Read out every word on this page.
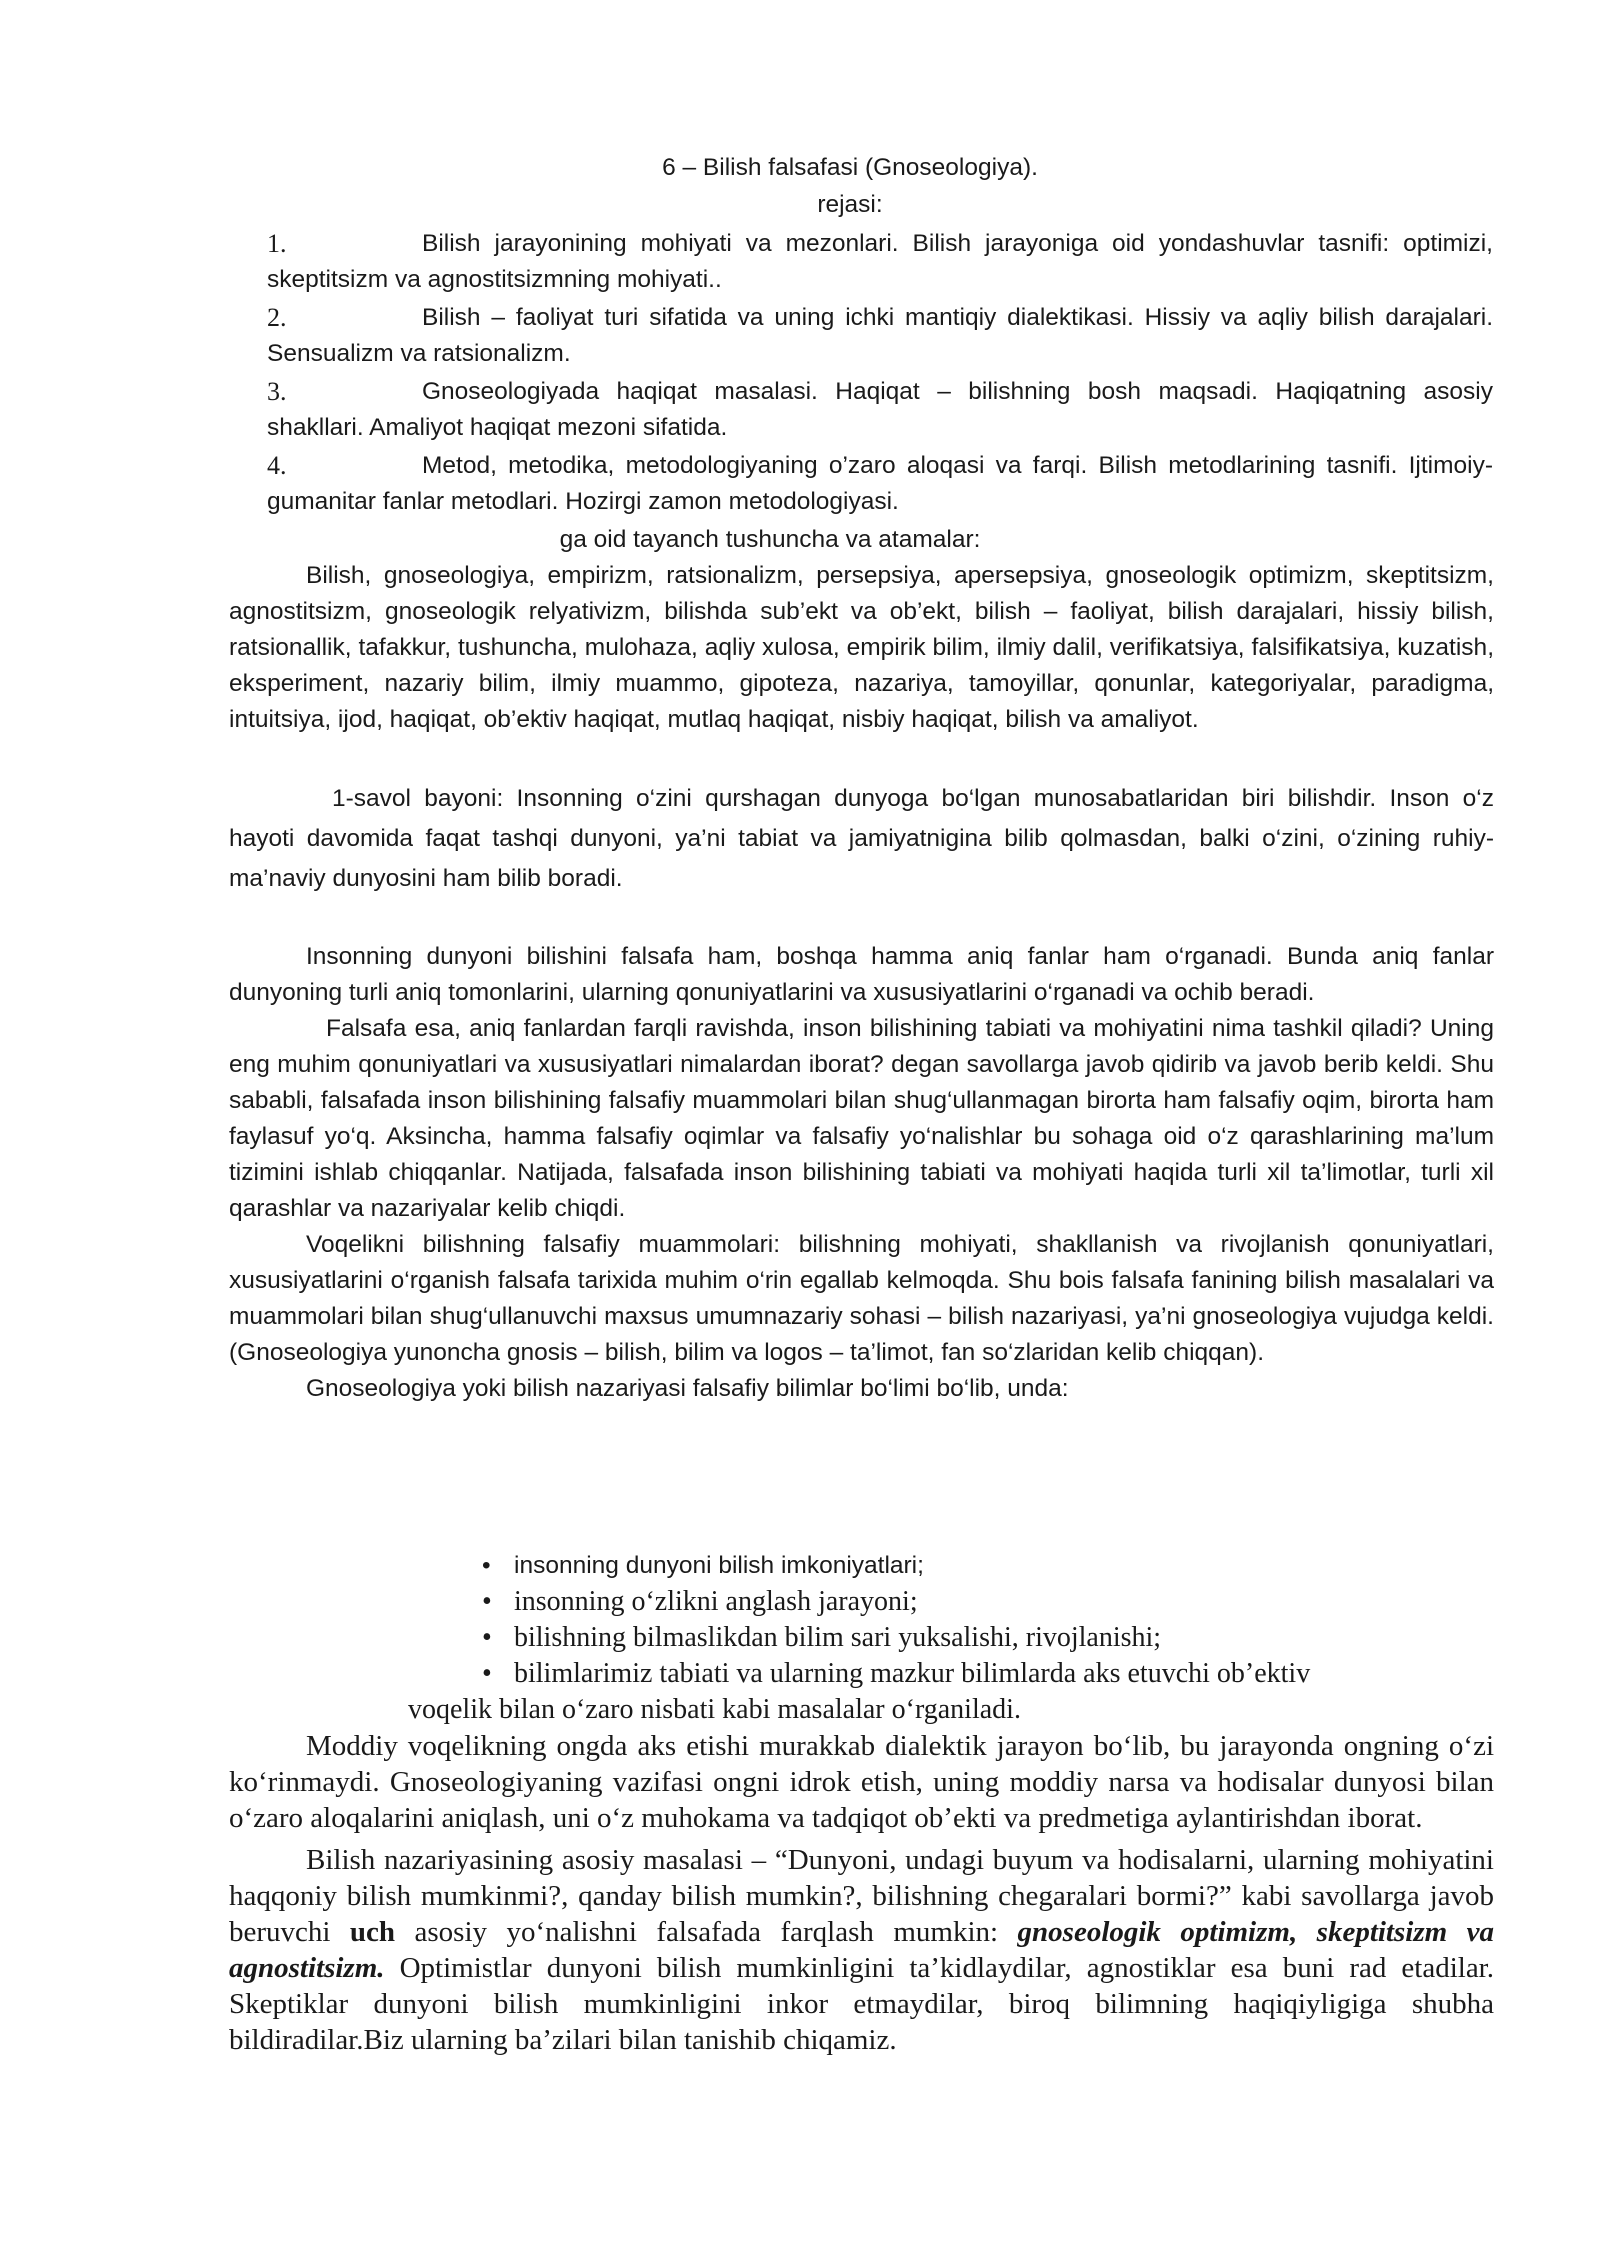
6 – Bilish falsafasi (Gnoseologiya).
rejasi:
1.	Bilish jarayonining mohiyati va mezonlari. Bilish jarayoniga oid yondashuvlar tasnifi: optimizi, skeptitsizm va agnostitsizmning mohiyati..

2.	Bilish – faoliyat turi sifatida va uning ichki mantiqiy dialektikasi. Hissiy va aqliy bilish darajalari. Sensualizm va ratsionalizm.

3.	Gnoseologiyada haqiqat masalasi. Haqiqat – bilishning bosh maqsadi. Haqiqatning asosiy shakllari. Amaliyot haqiqat mezoni sifatida.

4.	Metod, metodika, metodologiyaning o’zaro aloqasi va farqi. Bilish metodlarining tasnifi. Ijtimoiy-gumanitar fanlar metodlari. Hozirgi zamon metodologiyasi.

ga oid tayanch tushuncha va atamalar:

Bilish, gnoseologiya, empirizm, ratsionalizm, persepsiya, apersepsiya, gnoseologik optimizm, skeptitsizm, agnostitsizm, gnoseologik relyativizm, bilishda sub’ekt va ob’ekt, bilish – faoliyat, bilish darajalari, hissiy bilish, ratsionallik, tafakkur, tushuncha, mulohaza, aqliy xulosa, empirik bilim, ilmiy dalil, verifikatsiya, falsifikatsiya, kuzatish, eksperiment, nazariy bilim, ilmiy muammo, gipoteza, nazariya, tamoyillar, qonunlar, kategoriyalar, paradigma, intuitsiya, ijod, haqiqat, ob’ektiv haqiqat, mutlaq haqiqat, nisbiy haqiqat, bilish va amaliyot.

1-savol bayoni: Insonning o‘zini qurshagan dunyoga bo‘lgan munosabatlaridan biri bilishdir. Inson o‘z hayoti davomida faqat tashqi dunyoni, ya’ni tabiat va jamiyatnigina bilib qolmasdan, balki o‘zini, o‘zining ruhiy-ma’naviy dunyosini ham bilib boradi.

Insonning dunyoni bilishini falsafa ham, boshqa hamma aniq fanlar ham o‘rganadi. Bunda aniq fanlar dunyoning turli aniq tomonlarini, ularning qonuniyatlarini va xususiyatlarini o‘rganadi va ochib beradi.

Falsafa esa, aniq fanlardan farqli ravishda, inson bilishining tabiati va mohiyatini nima tashkil qiladi? Uning eng muhim qonuniyatlari va xususiyatlari nimalardan iborat? degan savollarga javob qidirib va javob berib keldi. Shu sababli, falsafada inson bilishining falsafiy muammolari bilan shug‘ullanmagan birorta ham falsafiy oqim, birorta ham faylasuf yo‘q. Aksincha, hamma falsafiy oqimlar va falsafiy yo‘nalishlar bu sohaga oid o‘z qarashlarining ma’lum tizimini ishlab chiqqanlar. Natijada, falsafada inson bilishining tabiati va mohiyati haqida turli xil ta’limotlar, turli xil qarashlar va nazariyalar kelib chiqdi.

Voqelikni bilishning falsafiy muammolari: bilishning mohiyati, shakllanish va rivojlanish qonuniyatlari, xususiyatlarini o‘rganish falsafa tarixida muhim o‘rin egallab kelmoqda. Shu bois falsafa fanining bilish masalalari va muammolari bilan shug‘ullanuvchi maxsus umumnazariy sohasi – bilish nazariyasi, ya’ni gnoseologiya vujudga keldi. (Gnoseologiya yunoncha gnosis – bilish, bilim va logos – ta’limot, fan so‘zlaridan kelib chiqqan).

Gnoseologiya yoki bilish nazariyasi falsafiy bilimlar bo‘limi bo‘lib, unda:

• insonning dunyoni bilish imkoniyatlari;
• insonning o‘zlikni anglash jarayoni;
• bilishning bilmaslikdan bilim sari yuksalishi, rivojlanishi;
• bilimlarimiz tabiati va ularning mazkur bilimlarda aks etuvchi ob’ektiv
voqelik bilan o‘zaro nisbati kabi masalalar o‘rganiladi.

Moddiy voqelikning ongda aks etishi murakkab dialektik jarayon bo‘lib, bu jarayonda ongning o‘zi ko‘rinmaydi. Gnoseologiyaning vazifasi ongni idrok etish, uning moddiy narsa va hodisalar dunyosi bilan o‘zaro aloqalarini aniqlash, uni o‘z muhokama va tadqiqot ob’ekti va predmetiga aylantirishdan iborat.

Bilish nazariyasining asosiy masalasi – “Dunyoni, undagi buyum va hodisalarni, ularning mohiyatini haqqoniy bilish mumkinmi?, qanday bilish mumkin?, bilishning chegaralari bormi?” kabi savollarga javob beruvchi uch asosiy yo‘nalishni falsafada farqlash mumkin: gnoseologik optimizm, skeptitsizm va agnostitsizm. Optimistlar dunyoni bilish mumkinligini ta’kidlaydilar, agnostiklar esa buni rad etadilar. Skeptiklar dunyoni bilish mumkinligini inkor etmaydilar, biroq bilimning haqiqiyligiga shubha bildiradilar.Biz ularning ba’zilari bilan tanishib chiqamiz.
